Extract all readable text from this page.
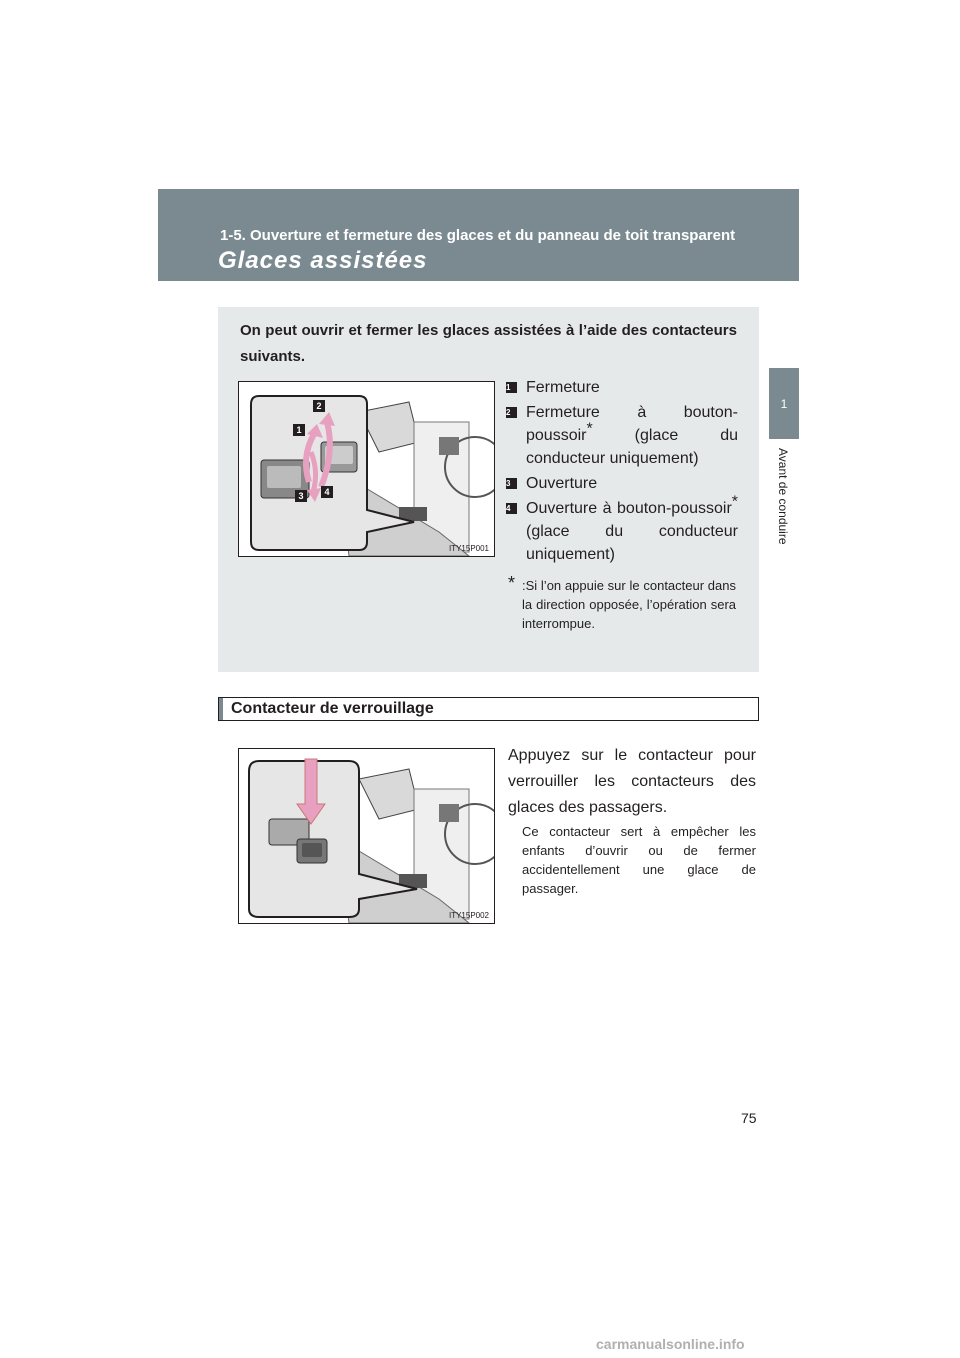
1-5. Ouverture et fermeture des glaces et du panneau de toit transparent
Glaces assistées
1
Avant de conduire
On peut ouvrir et fermer les glaces assistées à l’aide des contacteurs suivants.
1
2
3 4
ITY15P001
1 Fermeture
2 Fermeture à bouton-poussoir* (glace du conducteur uniquement)
3 Ouverture
4 Ouverture à bouton-poussoir* (glace du conducteur uniquement)
* :Si l’on appuie sur le contacteur dans la direction opposée, l’opération sera interrompue.
Contacteur de verrouillage
ITY15P002
Appuyez sur le contacteur pour verrouiller les contacteurs des glaces des passagers.
Ce contacteur sert à empêcher les enfants d’ouvrir ou de fermer accidentellement une glace de passager.
75
carmanualsonline.info
